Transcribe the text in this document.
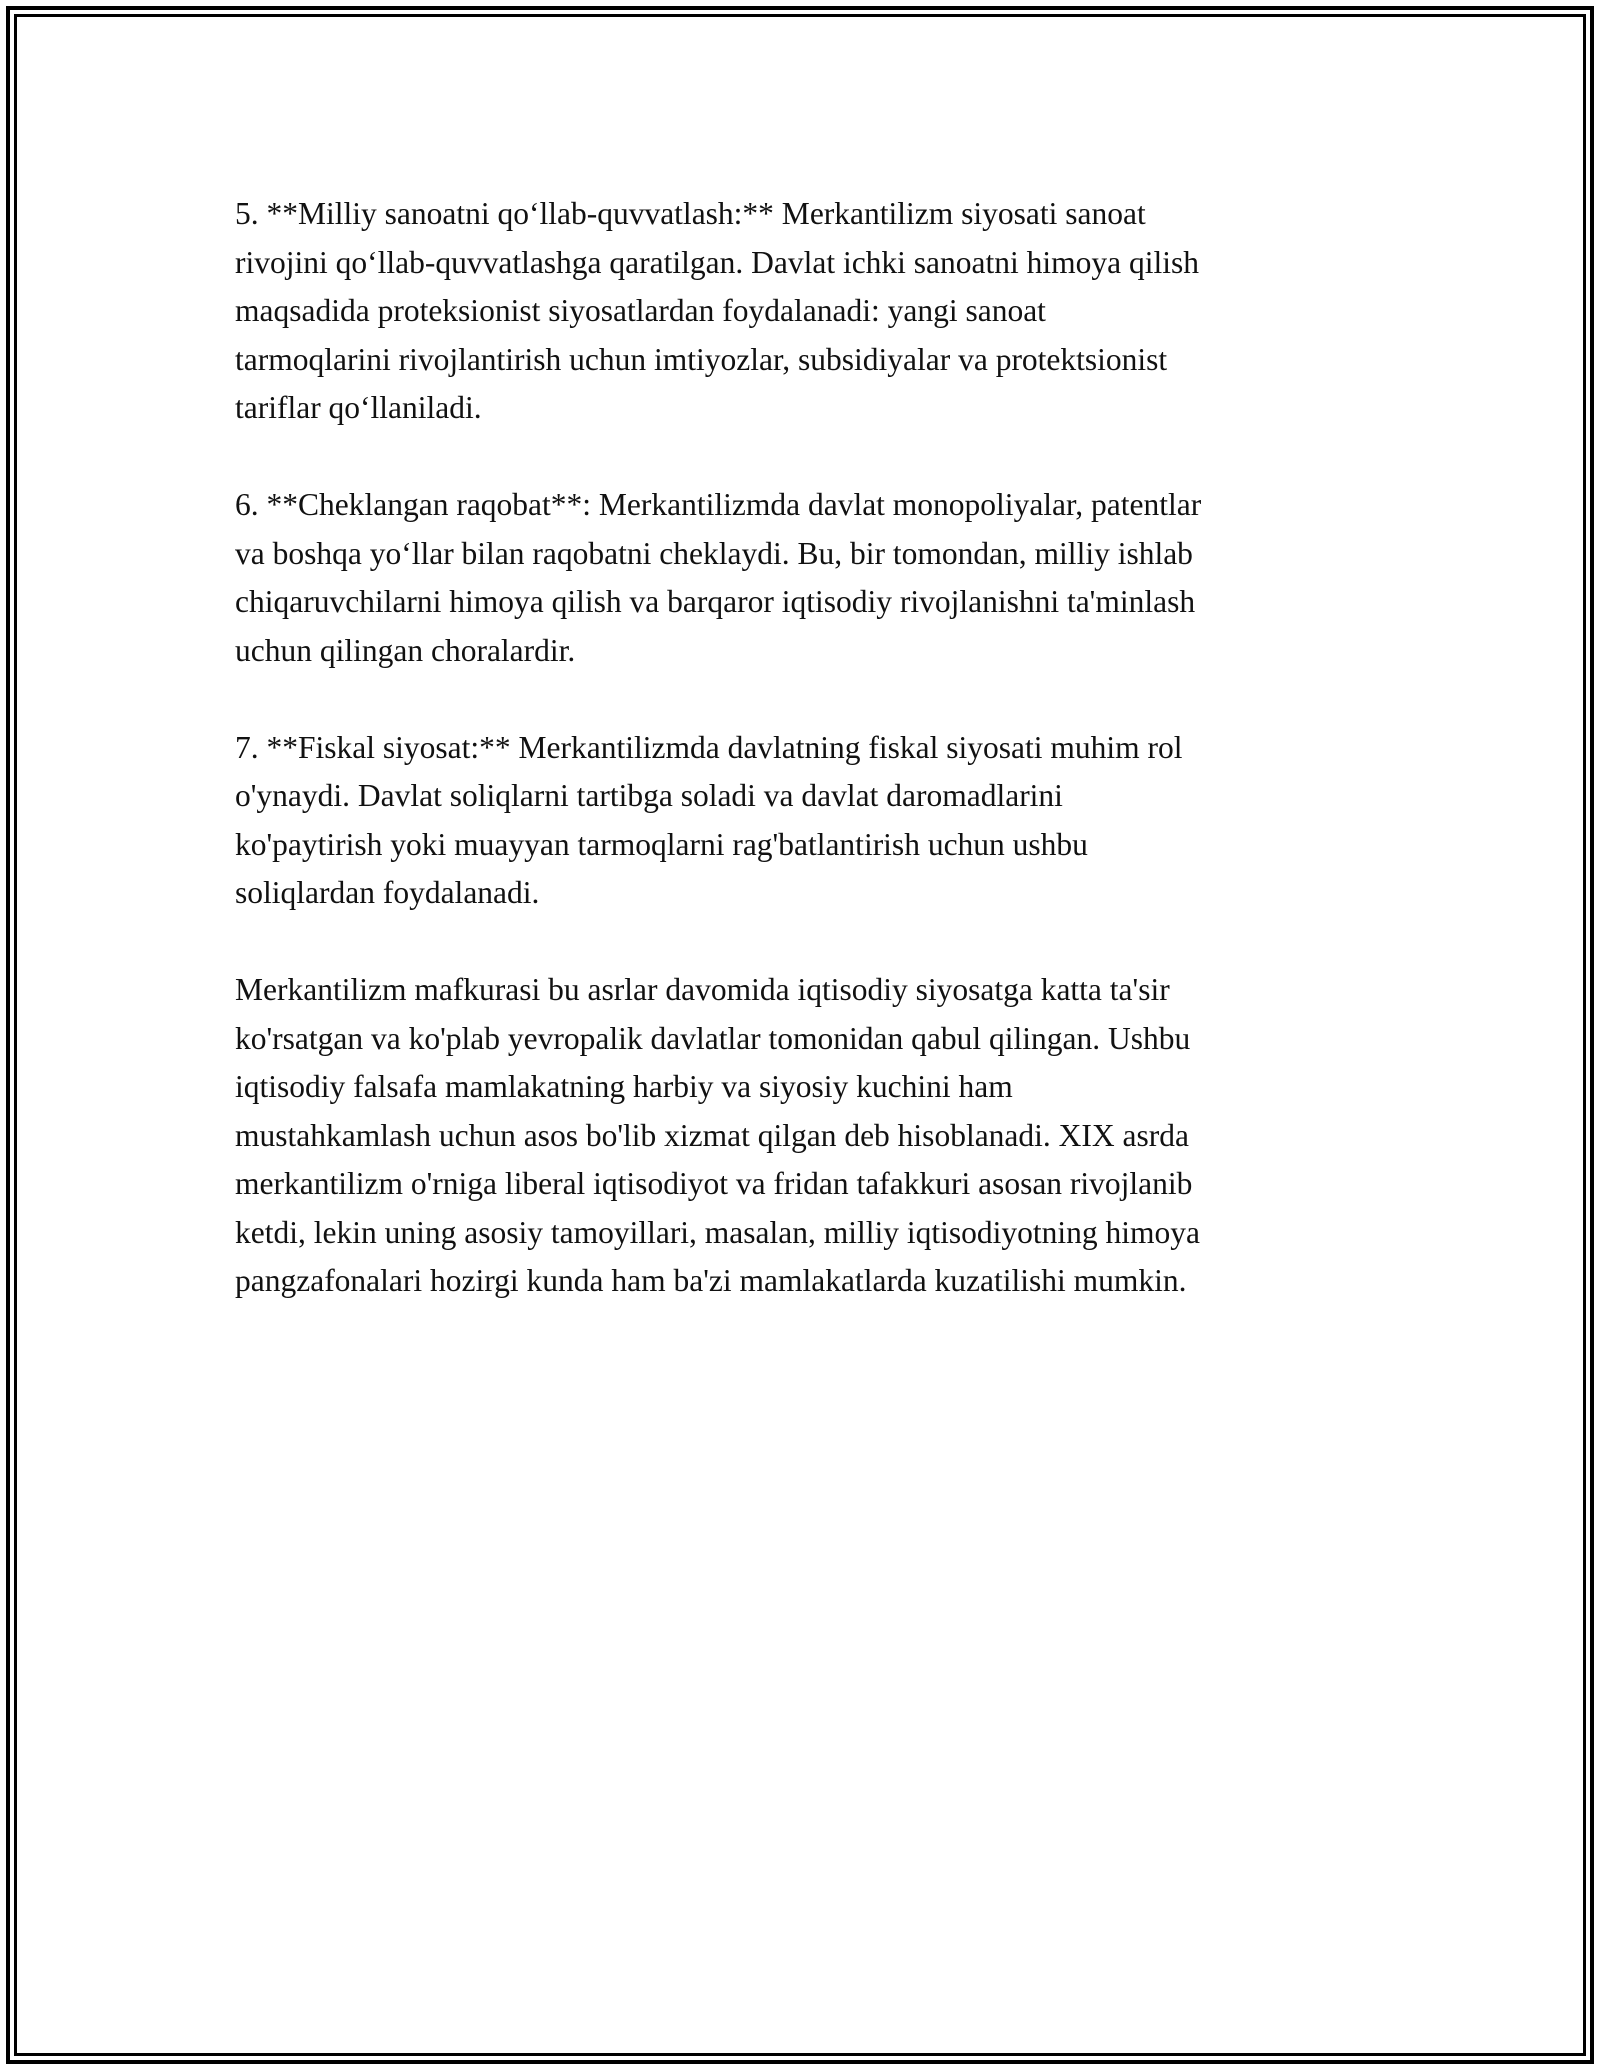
5. **Milliy sanoatni qo‘llab-quvvatlash:** Merkantilizm siyosati sanoat
rivojini qo‘llab-quvvatlashga qaratilgan. Davlat ichki sanoatni himoya qilish
maqsadida proteksionist siyosatlardan foydalanadi: yangi sanoat
tarmoqlarini rivojlantirish uchun imtiyozlar, subsidiyalar va protektsionist
tariflar qo‘llaniladi.

6. **Cheklangan raqobat**: Merkantilizmda davlat monopoliyalar, patentlar
va boshqa yo‘llar bilan raqobatni cheklaydi. Bu, bir tomondan, milliy ishlab
chiqaruvchilarni himoya qilish va barqaror iqtisodiy rivojlanishni ta'minlash
uchun qilingan choralardir.

7. **Fiskal siyosat:** Merkantilizmda davlatning fiskal siyosati muhim rol
o'ynaydi. Davlat soliqlarni tartibga soladi va davlat daromadlarini
ko'paytirish yoki muayyan tarmoqlarni rag'batlantirish uchun ushbu
soliqlardan foydalanadi.

Merkantilizm mafkurasi bu asrlar davomida iqtisodiy siyosatga katta ta'sir
ko'rsatgan va ko'plab yevropalik davlatlar tomonidan qabul qilingan. Ushbu
iqtisodiy falsafa mamlakatning harbiy va siyosiy kuchini ham
mustahkamlash uchun asos bo'lib xizmat qilgan deb hisoblanadi. XIX asrda
merkantilizm o'rniga liberal iqtisodiyot va fridan tafakkuri asosan rivojlanib
ketdi, lekin uning asosiy tamoyillari, masalan, milliy iqtisodiyotning himoya
pangzafonalari hozirgi kunda ham ba'zi mamlakatlarda kuzatilishi mumkin.
